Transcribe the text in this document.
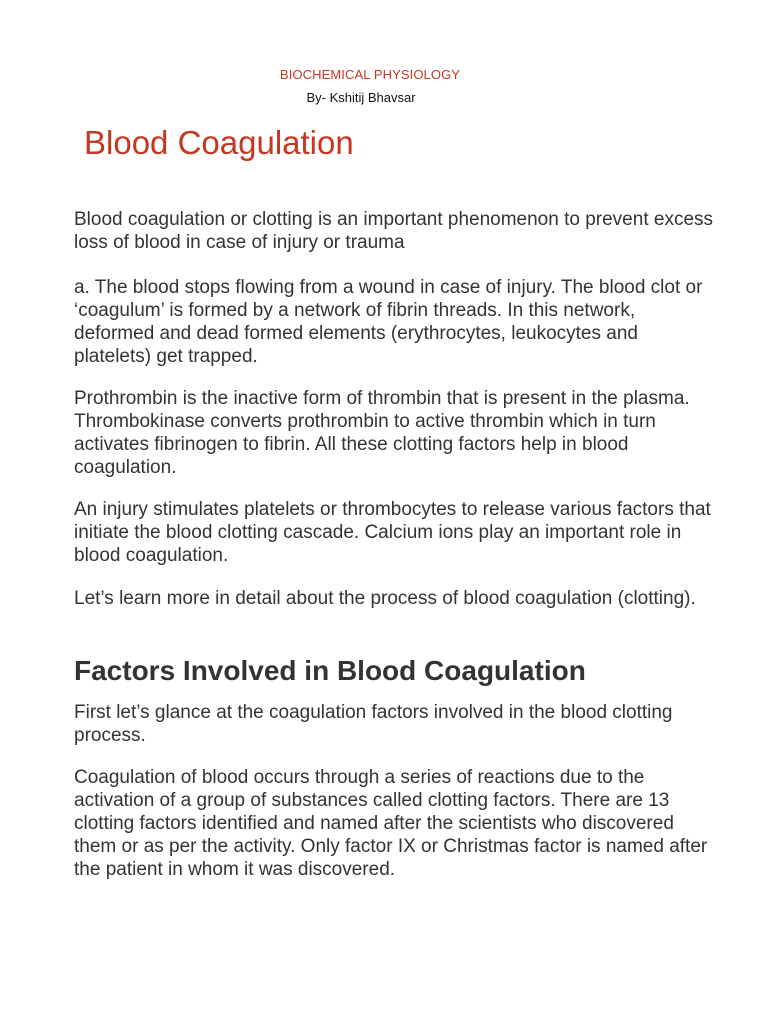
BIOCHEMICAL PHYSIOLOGY
By- Kshitij Bhavsar
Blood Coagulation

Blood coagulation or clotting is an important phenomenon to prevent excess loss of blood in case of injury or trauma

a. The blood stops flowing from a wound in case of injury. The blood clot or ‘coagulum’ is formed by a network of fibrin threads. In this network, deformed and dead formed elements (erythrocytes, leukocytes and platelets) get trapped.

Prothrombin is the inactive form of thrombin that is present in the plasma. Thrombokinase converts prothrombin to active thrombin which in turn activates fibrinogen to fibrin. All these clotting factors help in blood coagulation.

An injury stimulates platelets or thrombocytes to release various factors that initiate the blood clotting cascade. Calcium ions play an important role in blood coagulation.

Let’s learn more in detail about the process of blood coagulation (clotting).

Factors Involved in Blood Coagulation

First let’s glance at the coagulation factors involved in the blood clotting process.

Coagulation of blood occurs through a series of reactions due to the activation of a group of substances called clotting factors. There are 13 clotting factors identified and named after the scientists who discovered them or as per the activity. Only factor IX or Christmas factor is named after the patient in whom it was discovered.
